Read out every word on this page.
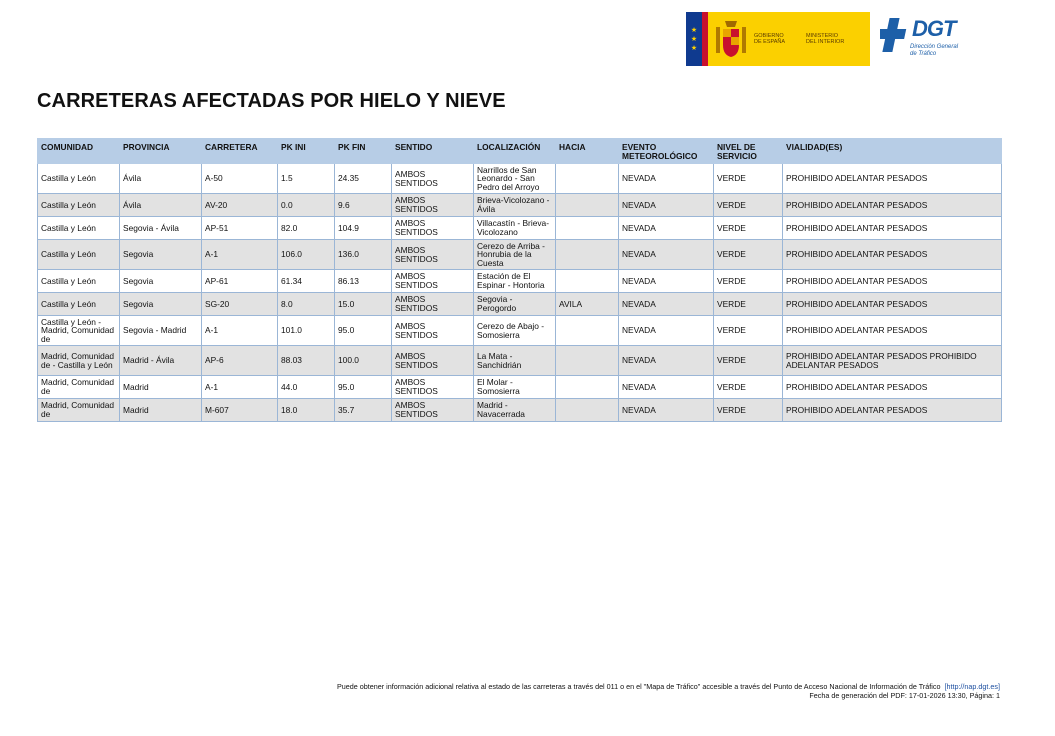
★
★
★
GOBIERNO
DE ESPAÑA
MINISTERIO
DEL INTERIOR
DGT
Dirección General
de Tráfico
CARRETERAS AFECTADAS POR HIELO Y NIEVE
COMUNIDAD	PROVINCIA	CARRETERA	PK INI	PK FIN	SENTIDO	LOCALIZACIÓN	HACIA	EVENTO METEOROLÓGICO	NIVEL DE SERVICIO	VIALIDAD(ES)
Castilla y León	Ávila	A-50	1.5	24.35	AMBOS SENTIDOS	Narrillos de San Leonardo - San Pedro del Arroyo		NEVADA	VERDE	PROHIBIDO ADELANTAR PESADOS
Castilla y León	Ávila	AV-20	0.0	9.6	AMBOS SENTIDOS	Brieva-Vicolozano - Ávila		NEVADA	VERDE	PROHIBIDO ADELANTAR PESADOS
Castilla y León	Segovia - Ávila	AP-51	82.0	104.9	AMBOS SENTIDOS	Villacastín - Brieva-Vicolozano		NEVADA	VERDE	PROHIBIDO ADELANTAR PESADOS
Castilla y León	Segovia	A-1	106.0	136.0	AMBOS SENTIDOS	Cerezo de Arriba - Honrubia de la Cuesta		NEVADA	VERDE	PROHIBIDO ADELANTAR PESADOS
Castilla y León	Segovia	AP-61	61.34	86.13	AMBOS SENTIDOS	Estación de El Espinar - Hontoria		NEVADA	VERDE	PROHIBIDO ADELANTAR PESADOS
Castilla y León	Segovia	SG-20	8.0	15.0	AMBOS SENTIDOS	Segovia - Perogordo	AVILA	NEVADA	VERDE	PROHIBIDO ADELANTAR PESADOS
Castilla y León - Madrid, Comunidad de	Segovia - Madrid	A-1	101.0	95.0	AMBOS SENTIDOS	Cerezo de Abajo - Somosierra		NEVADA	VERDE	PROHIBIDO ADELANTAR PESADOS
Madrid, Comunidad de - Castilla y León	Madrid - Ávila	AP-6	88.03	100.0	AMBOS SENTIDOS	La Mata - Sanchidrián		NEVADA	VERDE	PROHIBIDO ADELANTAR PESADOS PROHIBIDO ADELANTAR PESADOS
Madrid, Comunidad de	Madrid	A-1	44.0	95.0	AMBOS SENTIDOS	El Molar - Somosierra		NEVADA	VERDE	PROHIBIDO ADELANTAR PESADOS
Madrid, Comunidad de	Madrid	M-607	18.0	35.7	AMBOS SENTIDOS	Madrid - Navacerrada		NEVADA	VERDE	PROHIBIDO ADELANTAR PESADOS
Puede obtener información adicional relativa al estado de las carreteras a través del 011 o en el "Mapa de Tráfico" accesible a través del Punto de Acceso Nacional de Información de Tráfico [http://nap.dgt.es]
Fecha de generación del PDF: 17-01-2026 13:30, Página: 1
